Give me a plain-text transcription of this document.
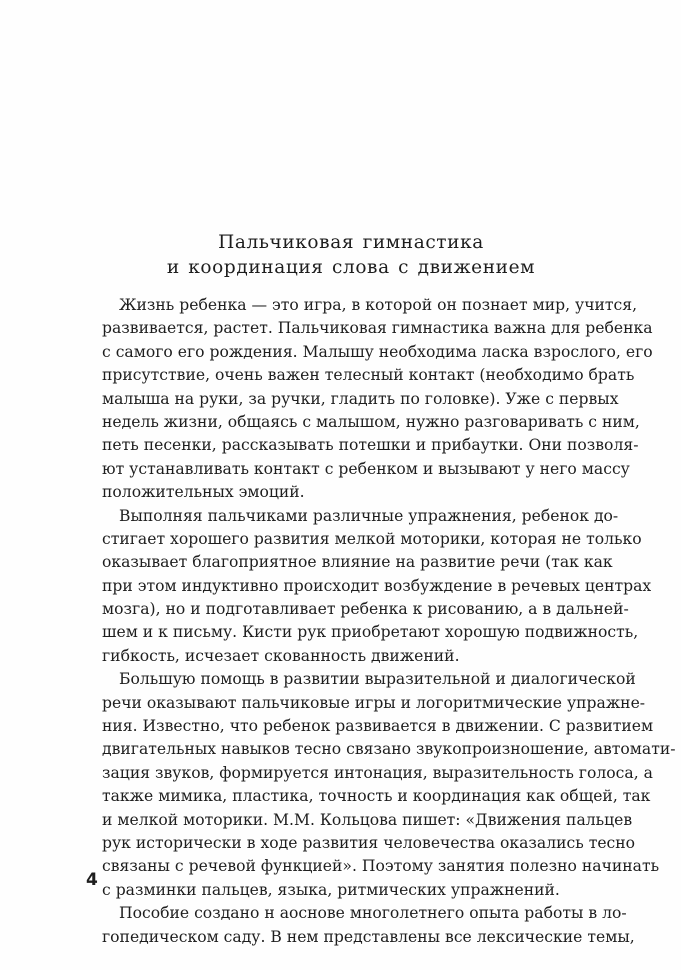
Пальчиковая гимнастика
и координация слова с движением
Жизнь ребенка — это игра, в которой он познает мир, учится,
развивается, растет. Пальчиковая гимнастика важна для ребенка
с самого его рождения. Малышу необходима ласка взрослого, его
присутствие, очень важен телесный контакт (необходимо брать
малыша на руки, за ручки, гладить по головке). Уже с первых
недель жизни, общаясь с малышом, нужно разговаривать с ним,
петь песенки, рассказывать потешки и прибаутки. Они позволя-
ют устанавливать контакт с ребенком и вызывают у него массу
положительных эмоций.
Выполняя пальчиками различные упражнения, ребенок до-
стигает хорошего развития мелкой моторики, которая не только
оказывает благоприятное влияние на развитие речи (так как
при этом индуктивно происходит возбуждение в речевых центрах
мозга), но и подготавливает ребенка к рисованию, а в дальней-
шем и к письму. Кисти рук приобретают хорошую подвижность,
гибкость, исчезает скованность движений.
Большую помощь в развитии выразительной и диалогической
речи оказывают пальчиковые игры и логоритмические упражне-
ния. Известно, что ребенок развивается в движении. С развитием
двигательных навыков тесно связано звукопроизношение, автомати-
зация звуков, формируется интонация, выразительность голоса, а
также мимика, пластика, точность и координация как общей, так
и мелкой моторики. М.М. Кольцова пишет: «Движения пальцев
рук исторически в ходе развития человечества оказались тесно
связаны с речевой функцией». Поэтому занятия полезно начинать
с разминки пальцев, языка, ритмических упражнений.
Пособие создано н аоснове многолетнего опыта работы в ло-
гопедическом саду. В нем представлены все лексические темы,
4
